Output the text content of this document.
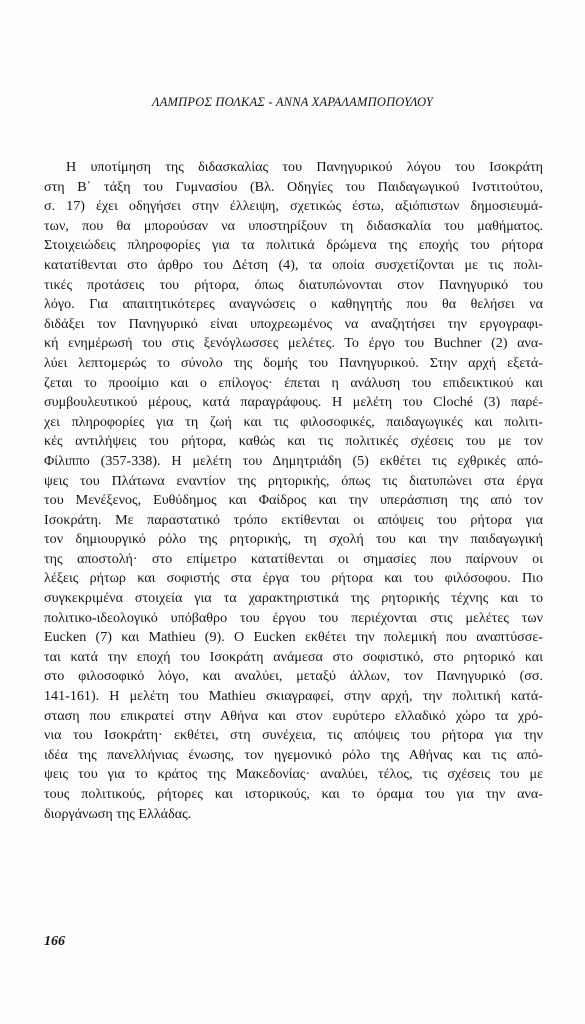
ΛΑΜΠΡΟΣ ΠΟΛΚΑΣ - ΑΝΝΑ ΧΑΡΑΛΑΜΠΟΠΟΥΛΟΥ
Η υποτίμηση της διδασκαλίας του Πανηγυρικού λόγου του Ισοκράτη
στη Β΄ τάξη του Γυμνασίου (Βλ. Οδηγίες του Παιδαγωγικού Ινστιτούτου,
σ. 17) έχει οδηγήσει στην έλλειψη, σχετικώς έστω, αξιόπιστων δημοσιευμά-
των, που θα μπορούσαν να υποστηρίξουν τη διδασκαλία του μαθήματος.
Στοιχειώδεις πληροφορίες για τα πολιτικά δρώμενα της εποχής του ρήτορα
κατατίθενται στο άρθρο του Δέτση (4), τα οποία συσχετίζονται με τις πολι-
τικές προτάσεις του ρήτορα, όπως διατυπώνονται στον Πανηγυρικό του
λόγο. Για απαιτητικότερες αναγνώσεις ο καθηγητής που θα θελήσει να
διδάξει τον Πανηγυρικό είναι υποχρεωμένος να αναζητήσει την εργογραφι-
κή ενημέρωσή του στις ξενόγλωσσες μελέτες. Το έργο του Buchner (2) ανα-
λύει λεπτομερώς το σύνολο της δομής του Πανηγυρικού. Στην αρχή εξετά-
ζεται το προοίμιο και ο επίλογος· έπεται η ανάλυση του επιδεικτικού και
συμβουλευτικού μέρους, κατά παραγράφους. Η μελέτη του Cloché (3) παρέ-
χει πληροφορίες για τη ζωή και τις φιλοσοφικές, παιδαγωγικές και πολιτι-
κές αντιλήψεις του ρήτορα, καθώς και τις πολιτικές σχέσεις του με τον
Φίλιππο (357-338). Η μελέτη του Δημητριάδη (5) εκθέτει τις εχθρικές από-
ψεις του Πλάτωνα εναντίον της ρητορικής, όπως τις διατυπώνει στα έργα
του Μενέξενος, Ευθύδημος και Φαίδρος και την υπεράσπιση της από τον
Ισοκράτη. Με παραστατικό τρόπο εκτίθενται οι απόψεις του ρήτορα για
τον δημιουργικό ρόλο της ρητορικής, τη σχολή του και την παιδαγωγική
της αποστολή· στο επίμετρο κατατίθενται οι σημασίες που παίρνουν οι
λέξεις ρήτωρ και σοφιστής στα έργα του ρήτορα και του φιλόσοφου. Πιο
συγκεκριμένα στοιχεία για τα χαρακτηριστικά της ρητορικής τέχνης και το
πολιτικο-ιδεολογικό υπόβαθρο του έργου του περιέχονται στις μελέτες των
Eucken (7) και Mathieu (9). Ο Eucken εκθέτει την πολεμική που αναπτύσσε-
ται κατά την εποχή του Ισοκράτη ανάμεσα στο σοφιστικό, στο ρητορικό και
στο φιλοσοφικό λόγο, και αναλύει, μεταξύ άλλων, τον Πανηγυρικό (σσ.
141-161). Η μελέτη του Mathieu σκιαγραφεί, στην αρχή, την πολιτική κατά-
σταση που επικρατεί στην Αθήνα και στον ευρύτερο ελλαδικό χώρο τα χρό-
νια του Ισοκράτη· εκθέτει, στη συνέχεια, τις απόψεις του ρήτορα για την
ιδέα της πανελλήνιας ένωσης, τον ηγεμονικό ρόλο της Αθήνας και τις από-
ψεις του για το κράτος της Μακεδονίας· αναλύει, τέλος, τις σχέσεις του με
τους πολιτικούς, ρήτορες και ιστορικούς, και το όραμα του για την ανα-
διοργάνωση της Ελλάδας.
166
